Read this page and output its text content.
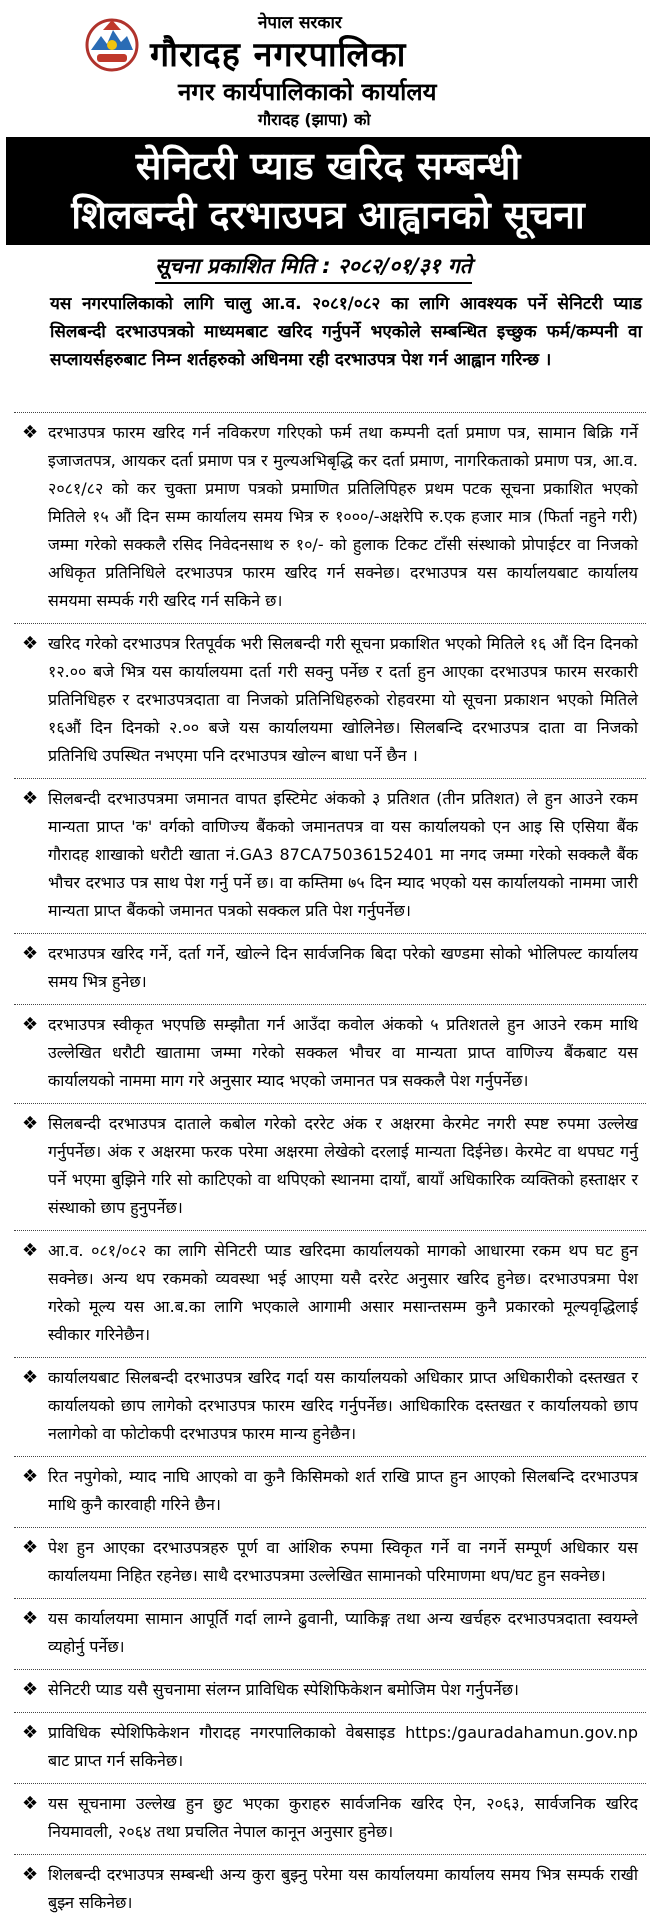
नेपाल सरकार
गौरादह नगरपालिका
नगर कार्यपालिकाको कार्यालय
गौरादह (झापा) को
सेनिटरी प्याड खरिद सम्बन्धी
शिलबन्दी दरभाउपत्र आह्वानको सूचना
सूचना प्रकाशित मिति : २०८२/०१/३१ गते
यस नगरपालिकाको लागि चालु आ.व. २०८१/०८२ का लागि आवश्यक पर्ने सेनिटरी प्याड सिलबन्दी दरभाउपत्रको माध्यमबाट खरिद गर्नुपर्ने भएकोले सम्बन्धित इच्छुक फर्म/कम्पनी वा सप्लायर्सहरुबाट निम्न शर्तहरुको अधिनमा रही दरभाउपत्र पेश गर्न आह्वान गरिन्छ ।
❖ दरभाउपत्र फारम खरिद गर्न नविकरण गरिएको फर्म तथा कम्पनी दर्ता प्रमाण पत्र, सामान बिक्रि गर्ने इजाजतपत्र, आयकर दर्ता प्रमाण पत्र र मुल्यअभिबृद्धि कर दर्ता प्रमाण, नागरिकताको प्रमाण पत्र, आ.व. २०८१/८२ को कर चुक्ता प्रमाण पत्रको प्रमाणित प्रतिलिपिहरु प्रथम पटक सूचना प्रकाशित भएको मितिले १५ औं दिन सम्म कार्यालय समय भित्र रु १०००/-अक्षरेपि रु.एक हजार मात्र (फिर्ता नहुने गरी) जम्मा गरेको सक्कलै रसिद निवेदनसाथ रु १०/- को हुलाक टिकट टाँसी संस्थाको प्रोपाईटर वा निजको अधिकृत प्रतिनिधिले दरभाउपत्र फारम खरिद गर्न सक्नेछ। दरभाउपत्र यस कार्यालयबाट कार्यालय समयमा सम्पर्क गरी खरिद गर्न सकिने छ।
❖ खरिद गरेको दरभाउपत्र रितपूर्वक भरी सिलबन्दी गरी सूचना प्रकाशित भएको मितिले १६ औं दिन दिनको १२.०० बजे भित्र यस कार्यालयमा दर्ता गरी सक्नु पर्नेछ र दर्ता हुन आएका दरभाउपत्र फारम सरकारी प्रतिनिधिहरु र दरभाउपत्रदाता वा निजको प्रतिनिधिहरुको रोहवरमा यो सूचना प्रकाशन भएको मितिले १६औं दिन दिनको २.०० बजे यस कार्यालयमा खोलिनेछ। सिलबन्दि दरभाउपत्र दाता वा निजको प्रतिनिधि उपस्थित नभएमा पनि दरभाउपत्र खोल्न बाधा पर्ने छैन ।
❖ सिलबन्दी दरभाउपत्रमा जमानत वापत इस्टिमेट अंकको ३ प्रतिशत (तीन प्रतिशत) ले हुन आउने रकम मान्यता प्राप्त 'क' वर्गको वाणिज्य बैंकको जमानतपत्र वा यस कार्यालयको एन आइ सि एसिया बैंक गौरादह शाखाको धरौटी खाता नं.GA3 87CA75036152401 मा नगद जम्मा गरेको सक्कलै बैंक भौचर दरभाउ पत्र साथ पेश गर्नु पर्ने छ। वा कम्तिमा ७५ दिन म्याद भएको यस कार्यालयको नाममा जारी मान्यता प्राप्त बैंकको जमानत पत्रको सक्कल प्रति पेश गर्नुपर्नेछ।
❖ दरभाउपत्र खरिद गर्ने, दर्ता गर्ने, खोल्ने दिन सार्वजनिक बिदा परेको खण्डमा सोको भोलिपल्ट कार्यालय समय भित्र हुनेछ।
❖ दरभाउपत्र स्वीकृत भएपछि सम्झौता गर्न आउँदा कवोल अंकको ५ प्रतिशतले हुन आउने रकम माथि उल्लेखित धरौटी खातामा जम्मा गरेको सक्कल भौचर वा मान्यता प्राप्त वाणिज्य बैंकबाट यस कार्यालयको नाममा माग गरे अनुसार म्याद भएको जमानत पत्र सक्कलै पेश गर्नुपर्नेछ।
❖ सिलबन्दी दरभाउपत्र दाताले कबोल गरेको दररेट अंक र अक्षरमा केरमेट नगरी स्पष्ट रुपमा उल्लेख गर्नुपर्नेछ। अंक र अक्षरमा फरक परेमा अक्षरमा लेखेको दरलाई मान्यता दिईनेछ। केरमेट वा थपघट गर्नु पर्ने भएमा बुझिने गरि सो काटिएको वा थपिएको स्थानमा दायाँ, बायाँ अधिकारिक व्यक्तिको हस्ताक्षर र संस्थाको छाप हुनुपर्नेछ।
❖ आ.व. ०८१/०८२ का लागि सेनिटरी प्याड खरिदमा कार्यालयको मागको आधारमा रकम थप घट हुन सक्नेछ। अन्य थप रकमको व्यवस्था भई आएमा यसै दररेट अनुसार खरिद हुनेछ। दरभाउपत्रमा पेश गरेको मूल्य यस आ.ब.का लागि भएकाले आगामी असार मसान्तसम्म कुनै प्रकारको मूल्यवृद्धिलाई स्वीकार गरिनेछैन।
❖ कार्यालयबाट सिलबन्दी दरभाउपत्र खरिद गर्दा यस कार्यालयको अधिकार प्राप्त अधिकारीको दस्तखत र कार्यालयको छाप लागेको दरभाउपत्र फारम खरिद गर्नुपर्नेछ। आधिकारिक दस्तखत र कार्यालयको छाप नलागेको वा फोटोकपी दरभाउपत्र फारम मान्य हुनेछैन।
❖ रित नपुगेको, म्याद नाघि आएको वा कुनै किसिमको शर्त राखि प्राप्त हुन आएको सिलबन्दि दरभाउपत्र माथि कुनै कारवाही गरिने छैन।
❖ पेश हुन आएका दरभाउपत्रहरु पूर्ण वा आंशिक रुपमा स्विकृत गर्ने वा नगर्ने सम्पूर्ण अधिकार यस कार्यालयमा निहित रहनेछ। साथै दरभाउपत्रमा उल्लेखित सामानको परिमाणमा थप/घट हुन सक्नेछ।
❖ यस कार्यालयमा सामान आपूर्ति गर्दा लाग्ने ढुवानी, प्याकिङ्ग तथा अन्य खर्चहरु दरभाउपत्रदाता स्वयम्ले व्यहोर्नु पर्नेछ।
❖ सेनिटरी प्याड यसै सुचनामा संलग्न प्राविधिक स्पेशिफिकेशन बमोजिम पेश गर्नुपर्नेछ।
❖ प्राविधिक स्पेशिफिकेशन गौरादह नगरपालिकाको वेबसाइड https:/gauradahamun.gov.np बाट प्राप्त गर्न सकिनेछ।
❖ यस सूचनामा उल्लेख हुन छुट भएका कुराहरु सार्वजनिक खरिद ऐन, २०६३, सार्वजनिक खरिद नियमावली, २०६४ तथा प्रचलित नेपाल कानून अनुसार हुनेछ।
❖ शिलबन्दी दरभाउपत्र सम्बन्धी अन्य कुरा बुझ्नु परेमा यस कार्यालयमा कार्यालय समय भित्र सम्पर्क राखी बुझ्न सकिनेछ।
